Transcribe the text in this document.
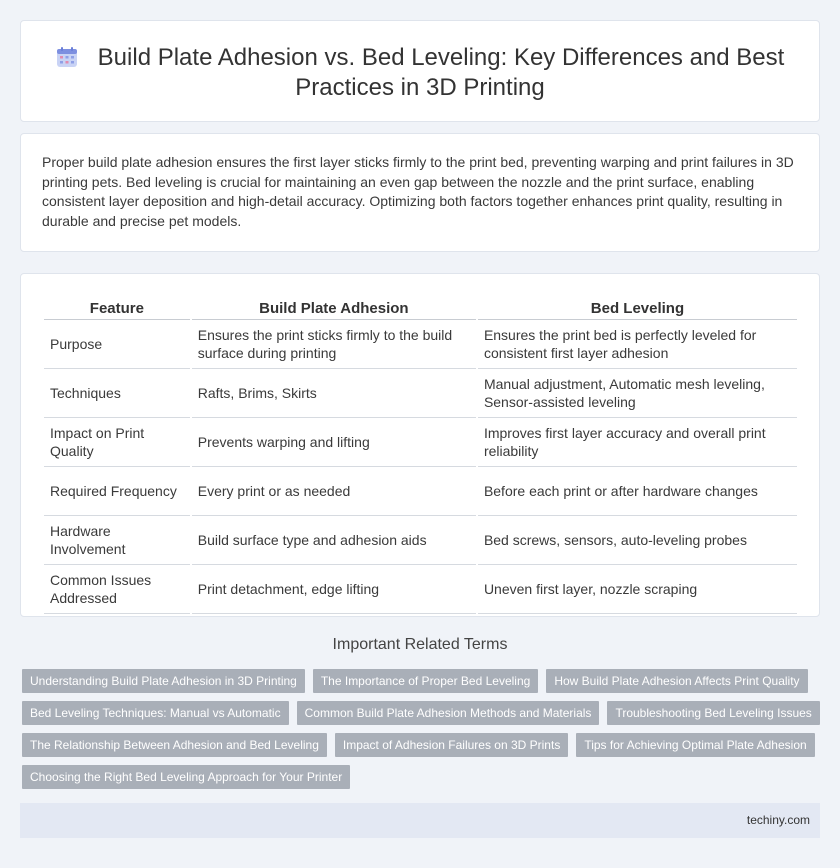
Build Plate Adhesion vs. Bed Leveling: Key Differences and Best Practices in 3D Printing

Proper build plate adhesion ensures the first layer sticks firmly to the print bed, preventing warping and print failures in 3D printing pets. Bed leveling is crucial for maintaining an even gap between the nozzle and the print surface, enabling consistent layer deposition and high-detail accuracy. Optimizing both factors together enhances print quality, resulting in durable and precise pet models.

Feature	Build Plate Adhesion	Bed Leveling
Purpose	Ensures the print sticks firmly to the build surface during printing	Ensures the print bed is perfectly leveled for consistent first layer adhesion
Techniques	Rafts, Brims, Skirts	Manual adjustment, Automatic mesh leveling, Sensor-assisted leveling
Impact on Print Quality	Prevents warping and lifting	Improves first layer accuracy and overall print reliability
Required Frequency	Every print or as needed	Before each print or after hardware changes
Hardware Involvement	Build surface type and adhesion aids	Bed screws, sensors, auto-leveling probes
Common Issues Addressed	Print detachment, edge lifting	Uneven first layer, nozzle scraping
Important Related Terms
Understanding Build Plate Adhesion in 3D Printing	The Importance of Proper Bed Leveling	How Build Plate Adhesion Affects Print Quality
Bed Leveling Techniques: Manual vs Automatic	Common Build Plate Adhesion Methods and Materials	Troubleshooting Bed Leveling Issues
The Relationship Between Adhesion and Bed Leveling	Impact of Adhesion Failures on 3D Prints	Tips for Achieving Optimal Plate Adhesion
Choosing the Right Bed Leveling Approach for Your Printer
techiny.com
